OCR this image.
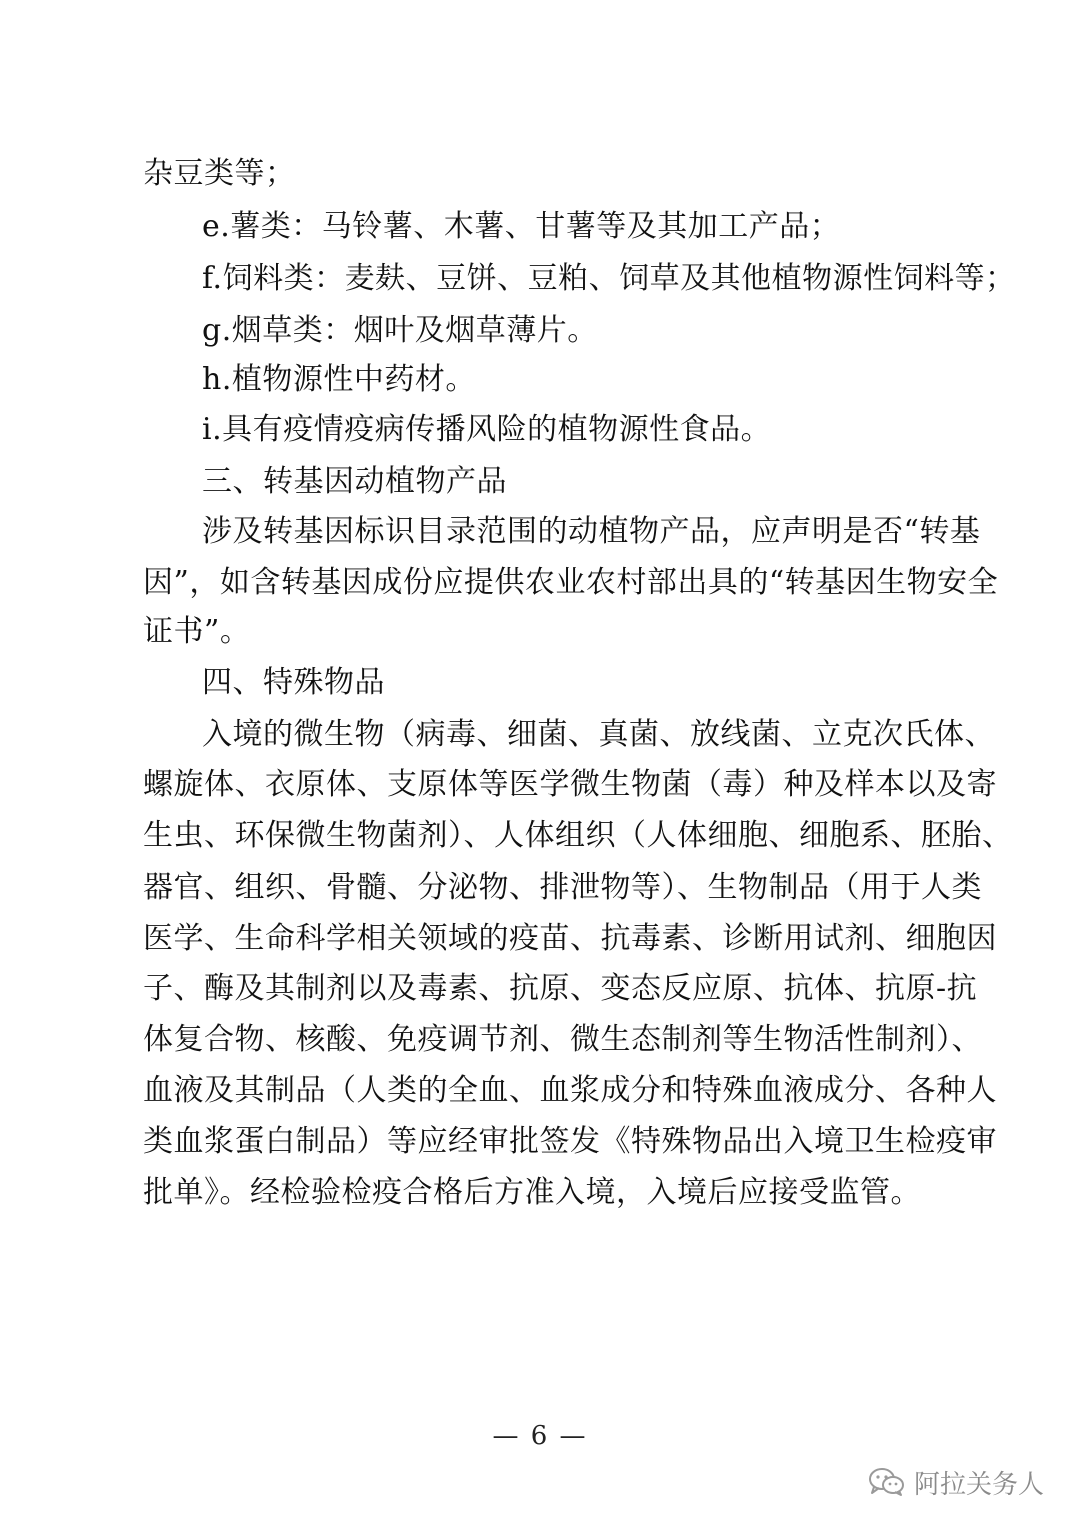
杂豆类等；
e.薯类：马铃薯、木薯、甘薯等及其加工产品；
f.饲料类：麦麸、豆饼、豆粕、饲草及其他植物源性饲料等；
g.烟草类：烟叶及烟草薄片。
h.植物源性中药材。
i.具有疫情疫病传播风险的植物源性食品。
三、转基因动植物产品
涉及转基因标识目录范围的动植物产品，应声明是否“转基
因”，如含转基因成份应提供农业农村部出具的“转基因生物安全
证书”。
四、特殊物品
入境的微生物（病毒、细菌、真菌、放线菌、立克次氏体、
螺旋体、衣原体、支原体等医学微生物菌（毒）种及样本以及寄
生虫、环保微生物菌剂）、人体组织（人体细胞、细胞系、胚胎、
器官、组织、骨髓、分泌物、排泄物等）、生物制品（用于人类
医学、生命科学相关领域的疫苗、抗毒素、诊断用试剂、细胞因
子、酶及其制剂以及毒素、抗原、变态反应原、抗体、抗原-抗
体复合物、核酸、免疫调节剂、微生态制剂等生物活性制剂）、
血液及其制品（人类的全血、血浆成分和特殊血液成分、各种人
类血浆蛋白制品）等应经审批签发《特殊物品出入境卫生检疫审
批单》。经检验检疫合格后方准入境，入境后应接受监管。
— 6 —
阿拉关务人
